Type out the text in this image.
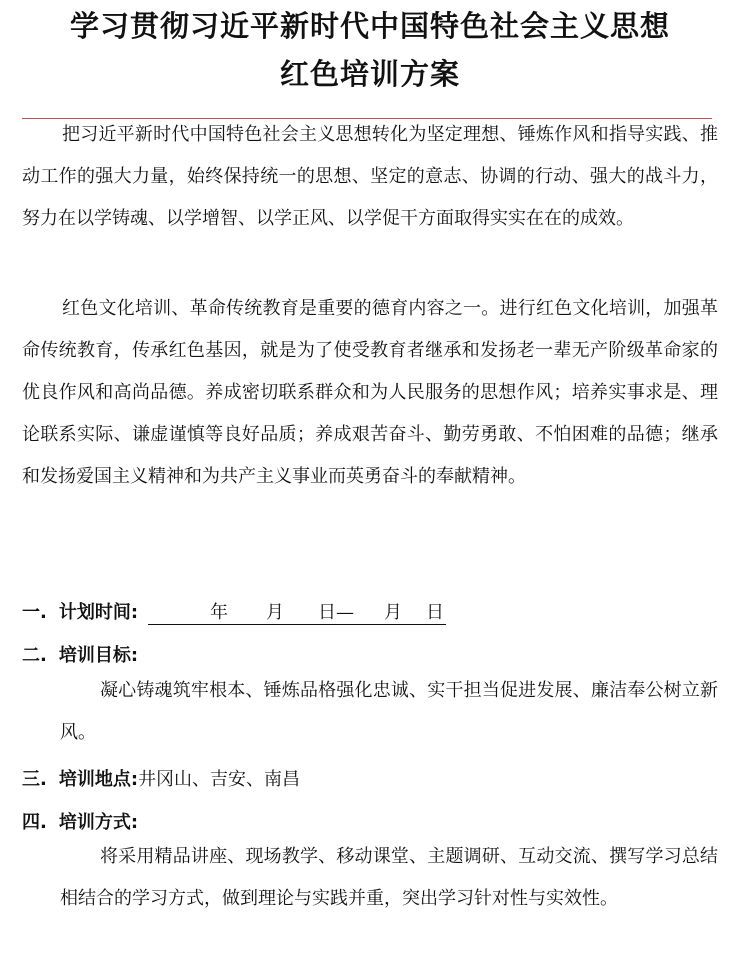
学习贯彻习近平新时代中国特色社会主义思想
红色培训方案

把习近平新时代中国特色社会主义思想转化为坚定理想、锤炼作风和指导实践、推动工作的强大力量，始终保持统一的思想、坚定的意志、协调的行动、强大的战斗力，努力在以学铸魂、以学增智、以学正风、以学促干方面取得实实在在的成效。

红色文化培训、革命传统教育是重要的德育内容之一。进行红色文化培训，加强革命传统教育，传承红色基因，就是为了使受教育者继承和发扬老一辈无产阶级革命家的优良作风和高尚品德。养成密切联系群众和为人民服务的思想作风；培养实事求是、理论联系实际、谦虚谨慎等良好品质；养成艰苦奋斗、勤劳勇敢、不怕困难的品德；继承和发扬爱国主义精神和为共产主义事业而英勇奋斗的奉献精神。

一. 计划时间:	年 月 日— 月 日
二. 培训目标:

凝心铸魂筑牢根本、锤炼品格强化忠诚、实干担当促进发展、廉洁奉公树立新风。

三. 培训地点:井冈山、吉安、南昌
四. 培训方式:

将采用精品讲座、现场教学、移动课堂、主题调研、互动交流、撰写学习总结相结合的学习方式，做到理论与实践并重，突出学习针对性与实效性。
